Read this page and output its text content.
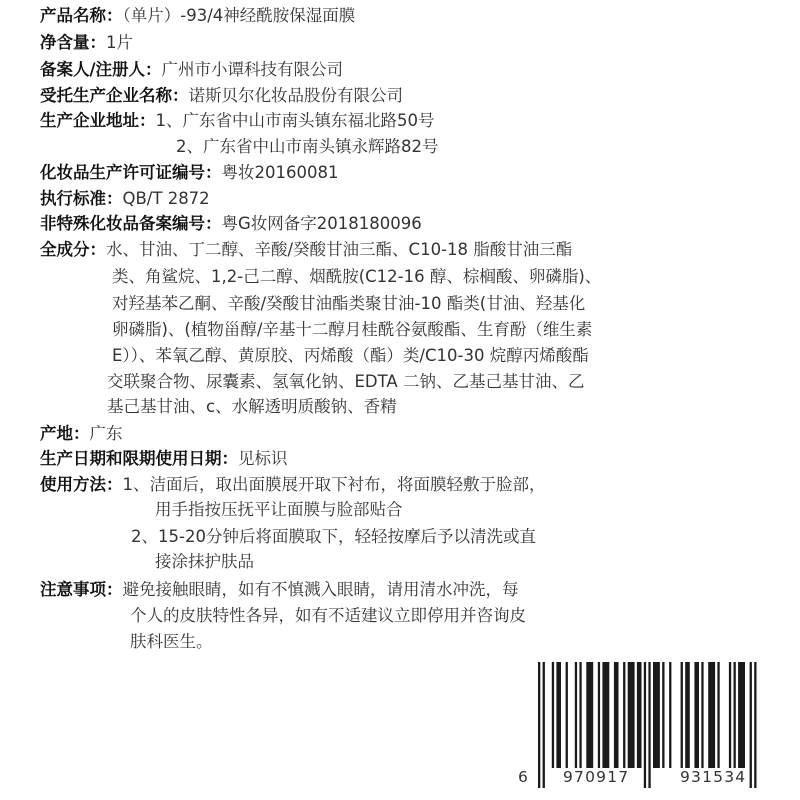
产品名称：（单片）-93/4神经酰胺保湿面膜
净含量：1片
备案人/注册人：广州市小谭科技有限公司
受托生产企业名称：诺斯贝尔化妆品股份有限公司
生产企业地址：1、广东省中山市南头镇东福北路50号
2、广东省中山市南头镇永辉路82号
化妆品生产许可证编号：粤妆20160081
执行标准：QB/T 2872
非特殊化妆品备案编号：粤G妆网备字2018180096
全成分：水、甘油、丁二醇、辛酸/癸酸甘油三酯、C10-18 脂酸甘油三酯
类、角鲨烷、1,2-己二醇、烟酰胺(C12-16 醇、棕榈酸、卵磷脂)、
对羟基苯乙酮、辛酸/癸酸甘油酯类聚甘油-10 酯类(甘油、羟基化
卵磷脂)、(植物甾醇/辛基十二醇月桂酰谷氨酸酯、生育酚（维生素
E））、苯氧乙醇、黄原胶、丙烯酸（酯）类/C10-30 烷醇丙烯酸酯
交联聚合物、尿囊素、氢氧化钠、EDTA 二钠、乙基己基甘油、乙
基己基甘油、c、水解透明质酸钠、香精
产地：广东
生产日期和限期使用日期：见标识
使用方法：1、洁面后，取出面膜展开取下衬布，将面膜轻敷于脸部，
用手指按压抚平让面膜与脸部贴合
2、15-20分钟后将面膜取下，轻轻按摩后予以清洗或直
接涂抹护肤品
注意事项：避免接触眼睛，如有不慎溅入眼睛，请用清水冲洗，每
个人的皮肤特性各异，如有不适建议立即停用并咨询皮
肤科医生。
6 970917	931534
